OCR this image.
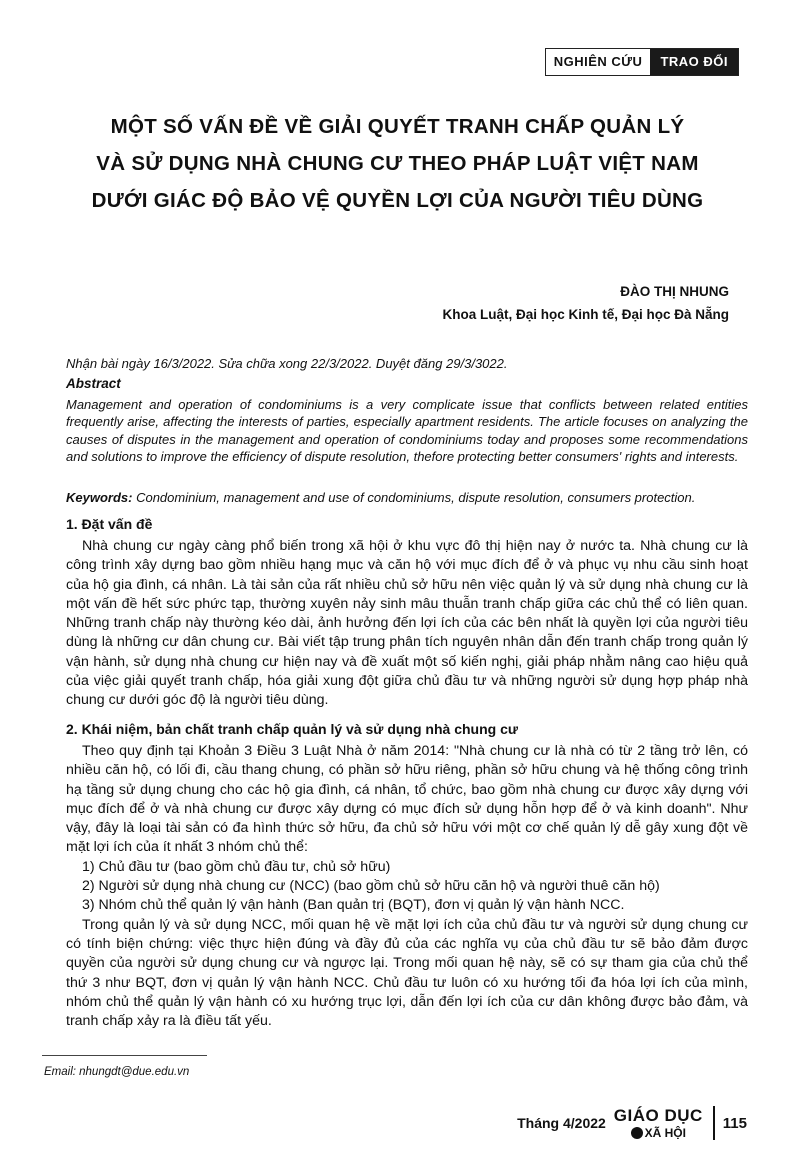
NGHIÊN CỨU	TRAO ĐỔI
MỘT SỐ VẤN ĐỀ VỀ GIẢI QUYẾT TRANH CHẤP QUẢN LÝ
VÀ SỬ DỤNG NHÀ CHUNG CƯ THEO PHÁP LUẬT VIỆT NAM
DƯỚI GIÁC ĐỘ BẢO VỆ QUYỀN LỢI CỦA NGƯỜI TIÊU DÙNG
ĐÀO THỊ NHUNG
Khoa Luật, Đại học Kinh tế, Đại học Đà Nẵng
Nhận bài ngày 16/3/2022. Sửa chữa xong 22/3/2022. Duyệt đăng 29/3/3022.
Abstract
Management and operation of condominiums is a very complicate issue that conflicts between related entities frequently arise, affecting the interests of parties, especially apartment residents. The article focuses on analyzing the causes of disputes in the management and operation of condominiums today and proposes some recommendations and solutions to improve the efficiency of dispute resolution, thefore protecting better consumers' rights and interests.
Keywords: Condominium, management and use of condominiums, dispute resolution, consumers protection.
1. Đặt vấn đề

Nhà chung cư ngày càng phổ biến trong xã hội ở khu vực đô thị hiện nay ở nước ta. Nhà chung cư là công trình xây dựng bao gồm nhiều hạng mục và căn hộ với mục đích để ở và phục vụ nhu cầu sinh hoạt của hộ gia đình, cá nhân. Là tài sản của rất nhiều chủ sở hữu nên việc quản lý và sử dụng nhà chung cư là một vấn đề hết sức phức tạp, thường xuyên nảy sinh mâu thuẫn tranh chấp giữa các chủ thể có liên quan. Những tranh chấp này thường kéo dài, ảnh hưởng đến lợi ích của các bên nhất là quyền lợi của người tiêu dùng là những cư dân chung cư. Bài viết tập trung phân tích nguyên nhân dẫn đến tranh chấp trong quản lý vận hành, sử dụng nhà chung cư hiện nay và đề xuất một số kiến nghị, giải pháp nhằm nâng cao hiệu quả của việc giải quyết tranh chấp, hóa giải xung đột giữa chủ đầu tư và những người sử dụng hợp pháp nhà chung cư dưới góc độ là người tiêu dùng.

2. Khái niệm, bản chất tranh chấp quản lý và sử dụng nhà chung cư

Theo quy định tại Khoản 3 Điều 3 Luật Nhà ở năm 2014: "Nhà chung cư là nhà có từ 2 tầng trở lên, có nhiều căn hộ, có lối đi, cầu thang chung, có phần sở hữu riêng, phần sở hữu chung và hệ thống công trình hạ tầng sử dụng chung cho các hộ gia đình, cá nhân, tổ chức, bao gồm nhà chung cư được xây dựng với mục đích để ở và nhà chung cư được xây dựng có mục đích sử dụng hỗn hợp để ở và kinh doanh". Như vậy, đây là loại tài sản có đa hình thức sở hữu, đa chủ sở hữu với một cơ chế quản lý dễ gây xung đột về mặt lợi ích của ít nhất 3 nhóm chủ thể:

1) Chủ đầu tư (bao gồm chủ đầu tư, chủ sở hữu)

2) Người sử dụng nhà chung cư (NCC) (bao gồm chủ sở hữu căn hộ và người thuê căn hộ)

3) Nhóm chủ thể quản lý vận hành (Ban quản trị (BQT), đơn vị quản lý vận hành NCC.

Trong quản lý và sử dụng NCC, mối quan hệ về mặt lợi ích của chủ đầu tư và người sử dụng chung cư có tính biện chứng: việc thực hiện đúng và đầy đủ của các nghĩa vụ của chủ đầu tư sẽ bảo đảm được quyền của người sử dụng chung cư và ngược lại. Trong mối quan hệ này, sẽ có sự tham gia của chủ thể thứ 3 như BQT, đơn vị quản lý vận hành NCC. Chủ đầu tư luôn có xu hướng tối đa hóa lợi ích của mình, nhóm chủ thể quản lý vận hành có xu hướng trục lợi, dẫn đến lợi ích của cư dân không được bảo đảm, và tranh chấp xảy ra là điều tất yếu.

Email: nhungdt@due.edu.vn
Tháng 4/2022 GIÁO DỤC
XÃ HỘI
115
